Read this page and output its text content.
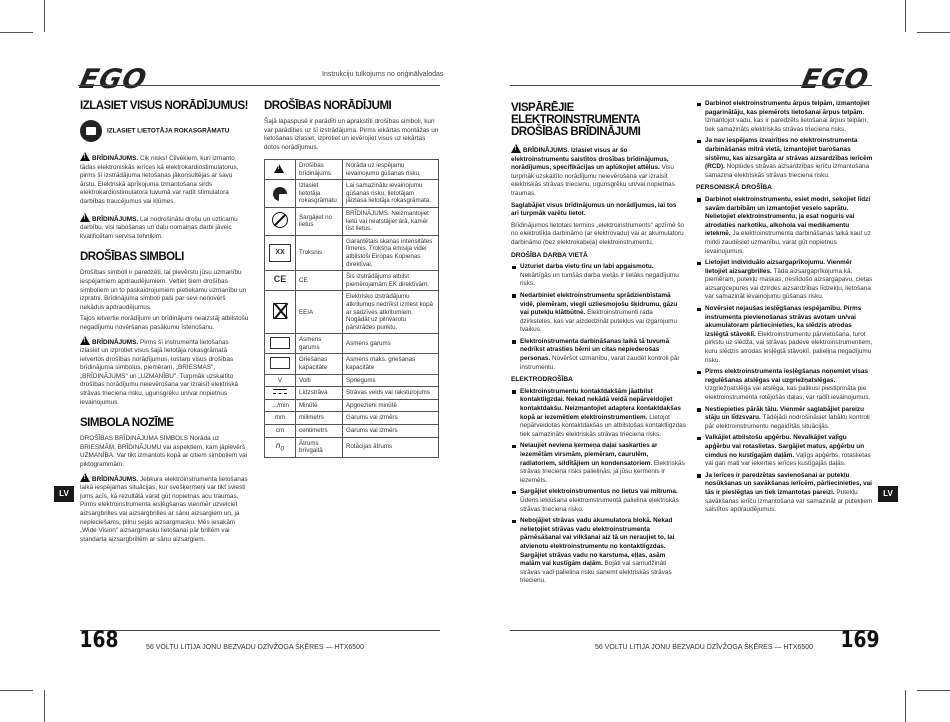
EGO	Instrukciju tulkojums no oriģinālvalodas
IZLASIET VISUS NORĀDĪJUMUS!

IZLASIET LIETOTĀJA ROKASGRĀMATU

!BRĪDINĀJUMS. Cik nisks! Cilvēkiem, kuri izmanto tādas elektroniskās ierīces kā elektrokardiostimulatorus, pirms šī izstrādājuma lietošanas jākonsultējas ar savu ārstu. Elektriskā aprīkojuma izmantošana sirds elektrokardiostimulatora tuvumā var radīt stimulatora darbības traucējumus vai kļūmes.

!BRĪDINĀJUMS. Lai nodrošinātu drošu un uzticamu darbību, visi labošanas un daļu nomaiņas darbi jāveic kvalificētam servisa tehniķim.

DROŠĪBAS SIMBOLI

Drošības simboli ir paredzēti, lai pievērstu jūsu uzmanību iespējamiem apdraudējumiem. Veltiet šiem drošības simboliem un to paskaidrojumiem pietiekamu uzmanību un izpratni. Brīdinājuma simboli paši par sevi nenovērš nekādus apdraudējumus.

Tajos ietvertie norādījumi un brīdinājumi neaizstāj atbilstošu negadījumu novēršanas pasākumu īstenošanu.

!BRĪDINĀJUMS. Pirms šī instrumenta lietošanas izlasiet un izprotiet visus šajā lietotāja rokasgrāmatā ietvertos drošības norādījumus, tostarp visus drošības brīdinājuma simbolus, piemēram, „BRIESMAS", „BRĪDINĀJUMS" un „UZMANĪBU". Turpmāk uzskaitīto drošības norādījumu neievērošana var izraisīt elektriskā strāvas trieciena risku, ugunsgrēku un/vai nopietnus ievainojumus.

SIMBOLA NOZĪME

DROŠĪBAS BRĪDINĀJUMA SIMBOLS Norāda uz BRIESMĀM, BRĪDINĀJUMU vai aspektiem, kam jāpievērš UZMANĪBA. Var tikt izmantots kopā ar citiem simboliem vai piktogrammām.

!BRĪDINĀJUMS. Jebkura elektroinstrumenta lietošanas laikā iespējamas situācijas, kur svešķermeņi var tikt sviesti jums acīs, kā rezultātā varat gūt nopietnas acu traumas. Pirms elektroinstrumenta iesļēgšanas vienmēr uzvelciet aizsargbrilles vai aizsargbrilles ar sānu aizsargiem un, ja nepieciešams, pilnu sejas aizsargmasku. Mēs iesakām „Wide Vision" aizsargmasku lietošanai pār brillēm vai standarta aizsargbrillēm ar sānu aizsargiem.

DROŠĪBAS NORĀDĪJUMI

Šajā lapaspusē ir parādīti un aprakstīti drošības simboli, kuri var parādīties uz šī izstrādājuma. Pirms iekārtas montāžas un lietošanas izlasiet, izprotiet un ievērojiet visus uz iekārtas dotos norādījumus.

!	Drošības brīdinājums	Norāda uz iespējamu ievainojumu gūšanas risku.
	Izlasiet lietotāja rokasgrāmatu	Lai samazinātu ievainojumu gūšanas risku, lietotājam jāizlasa lietotāja rokasgrāmata.

	Sargājiet no lietus	BRĪDINĀJUMS. Neizmantojiet lietū vai neatstājiet ārā, kamēr līst lietus.
XX	Troksnis	Garantētais skaņas intensitātes līmenis. Trokšņa emisija videi atbilstoši Eiropas Kopienas direktīvai.
CE	CE	Šis izstrādājums atbilst piemērojamām EK direktīvām.

	EEIA	Elektrisko izstrādājumu atkritumus nedrīkst izmest kopā ar sadzīves atkritumiem. Nogādāt uz pilnvarotu pārstrādes punktu.
	Asmens garums	Asmens garums
	Griešanas kapacitāte	Asmens maks. griešanas kapacitāte
V	Volti	Spriegums
	Līdzstrāva	Strāvas veids vai raksturojums
…/min	Minūtē	Apgriezieni minūtē
mm	milimetrs	Garums vai izmērs
cm	centimetrs	Garums vai izmērs
$n_0$	Ātrums brīvgaitā	Rotācijas ātrums
LV
168	56 VOLTU LITIJA JONU BEZVADU DZĪVŽOGA ŠĶĒRES — HTX6500
EGO
VISPĀRĒJIE ELEKTROINSTRUMENTA DROŠĪBAS BRĪDINĀJUMI

!BRĪDINĀJUMS. Izlasiet visus ar šo elektroinstrumentu saistītos drošības brīdinājumus, norādījumus, specifikācijas un aplūkojiet attēlus. Visu turpmāk uzskaitīto norādījumu neievērošana var izraisīt elektriskās strāvas triecienu, ugunsgrēku un/vai nopietnas traumas.

Saglabājiet visus brīdinājumus un norādījumus, lai tos arī turpmāk varētu lietot.

Brīdinājumos lietotais termins „elektroinstruments" apzīmē šo no elektrotīkla darbināmo (ar elektrovadu) vai ar akumulatoru darbināmo (bez elektrokabeļa) elektroinstrumentu.

DROŠĪBA DARBA VIETĀ

Uzturiet darba vietu tīru un labi apgaismotu. Nekārtīgās un tumšās darba vietās ir lielāks negadījumu risks.

Nedarbiniet elektroinstrumentu sprādzienbīstamā vidē, piemēram, viegli uzliesmojošu šķidrumu, gāzu vai putekļu klātbūtnē. Elektroinstrumenti rada dzirksteles, kas var aizdedzināt putekļus vai izgarojumu tvaikus.

Elektroinstrumenta darbināšanas laikā tā tuvumā nedrīkst atrasties bērni un citas nepiederošas personas. Novēršot uzmanību, varat zaudēt kontroli pār instrumentu.

ELEKTRODROŠĪBA

Elektroinstrumentu kontaktdakšām jāatbilst kontaktligzdai. Nekad nekādā veidā nepārveidojiet kontaktdakšu. Neizmantojiet adaptera kontaktdakšas kopā ar iezemētiem elektroinstrumentiem. Lietojot nepārveidotas kontaktdakšas un atbilstošas kontaktligzdas tiek samazināts elektriskās strāvas trieciena risks.

Nelaujiet neviena ķermeņa daļai saskarties ar iezemētām virsmām, piemēram, caurulēm, radiatoriem, sildītājiem un kondensatoriem. Elektriskās strāvas trieciena risks palielinās, ja jūsu ķermenis ir iezemēts.

Sargājiet elektroinstrumentus no lietus vai mitruma. Ūdens iekļūšana elektroinstrumentā palielina elektriskās strāvas trieciena risku.

Nebojājiet strāvas vadu akumulatora blokā. Nekad nelietojiet strāvas vadu elektroinstrumenta pārnēsāšanai vai vilkšanai aiz tā un neraujiet to, lai atvienotu elektroinstrumentu no kontaktligzdas. Sargājiet strāvas vadu no karstuma, eļļas, asām malām vai kustīgām daļām. Bojāti vai samudžināti strāvas vadi palielina risku saņemt elektriskās strāvas triecienu.

Darbinot elektroinstrumentu ārpus telpām, izmantojiet pagarinātāju, kas piemērots lietošanai ārpus telpām. Izmantojot vadu, kas ir paredzēts lietošanai ārpus telpām, tiek samazināts elektriskās strāvas trieciena risks.

Ja nav iespējams izvairīties no elektroinstrumenta darbināšanas mitrā vietā, izmantojiet barošanas sistēmu, kas aizsargāta ar strāvas aizsardzības ierīcēm (RCD). Noplūdes strāvas aizsardzības ierīču izmantošana samazina elektriskās strāvas trieciena risku.

PERSONISKĀ DROŠĪBA

Darbinot elektroinstrumentu, esiet modri, sekojiet līdzi savām darbībām un izmantojiet veselo saprātu. Nelietojiet elektroinstrumentu, ja esat noguris vai atrodaties narkotiku, alkohola vai medikamentu ietekmē. Ja elektroinstrumenta darbināšanas laikā kaut uz mirkli zaudēsiet uzmanību, varat gūt nopietnus ievainojumus.

Lietojiet individuālo aizsargaprīkojumu. Vienmēr lietojiet aizsargbrilles. Tāda aizsargaprīkojuma kā, piemēram, putekļu maskas, neslīdošo aizsargapavu, cietas aizsargcepures vai dzirdes aizsardzības līdzekļu, lietošana var samazināt ievainojumu gūšanas risku.

Novērsiet nejaušas iesļēgšanas iespējamību. Pirms instrumenta pievienošanas strāvas avotam un/vai akumulatoram pārliecinieties, ka slēdzis atrodas izslēgtā stāvoklī. Elektroinstrumentu pārvietošana, turot pirkstu uz slēdža, vai strāvas padeve elektroinstrumentiem, kuru slēdzis atrodas iesļēgtā stāvoklī, palielina negadījumu risku.

Pirms elektroinstrumenta iesļēgšanas noņemiet visas regulēšanas atslēgas vai uzgriežņatslēgas. Uzgriežņatslēga vai atslēga, kas palikusi piestiprināta pie elektroinstrumenta rotējošās daļas, var radīt ievainojumus.

Nestiepieties pārāk tālu. Vienmēr saglabājiet pareizu stāju un līdzsvaru. Tādējādi nodrošināsiet labāku kontroli pār elektroinstrumentu negaidītās situācijās.

Valkājiet atbilstošu apģērbu. Nevalkājiet vaļīgu apģērbu vai rotaslietas. Sargājiet matus, apģērbu un cimdus no kustīgajām daļām. Vaļīgs apģērbs, rotaslietas vai gari mati var iekerties ierīces kustīgajās daļās.

Ja ierīces ir paredzētas savienošanai ar putekļu nosūkšanas un savākšanas ierīcēm, pārliecinieties, vai tās ir pieslēgtas un tiek izmantotas pareizi. Putekļu savākšanas ierīču izmantošana var samazināt ar putekļiem saistītos apdraudējumus.

LV
56 VOLTU LITIJA JONU BEZVADU DZĪVŽOGA ŠĶĒRES — HTX6500 169
